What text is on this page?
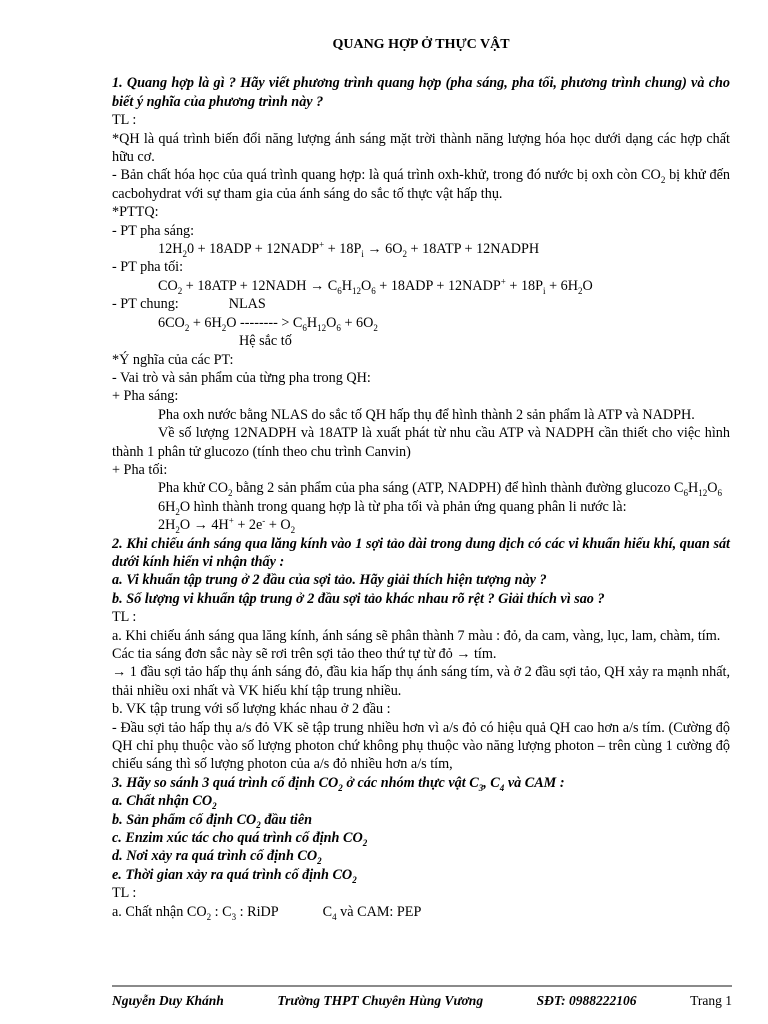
QUANG HỢP Ở THỰC VẬT
1. Quang hợp là gì ? Hãy viết phương trình quang hợp (pha sáng, pha tối, phương trình chung) và cho biết ý nghĩa của phương trình này ?
TL :
*QH là quá trình biến đổi năng lượng ánh sáng mặt trời thành năng lượng hóa học dưới dạng các hợp chất hữu cơ.
- Bản chất hóa học của quá trình quang hợp: là quá trình oxh-khử, trong đó nước bị oxh còn $CO_2$ bị khử đến cacbohydrat với sự tham gia của ánh sáng do sắc tố thực vật hấp thụ.
*PTTQ:
- PT pha sáng:
$12H_20 + 18ADP$ + 12NADP+ + $18P_i \to 6O_2 + 18ATP$ + 12NADPH
- PT pha tối:
$CO_2 + 18ATP$ + 12NADH → $C_6H_{12}O_6 + 18ADP$ + 12NADP+ + $18P_i + 6H_2O$
- PT chung:	NLAS
$6CO_2 + 6H_2O$ -------- > $C_6H_{12}O_6 + 6O_2$
Hệ sắc tố
*Ý nghĩa của các PT:
- Vai trò và sản phẩm của từng pha trong QH:
+ Pha sáng:
Pha oxh nước bằng NLAS do sắc tố QH hấp thụ để hình thành 2 sản phẩm là ATP và NADPH.
Về số lượng 12NADPH và 18ATP là xuất phát từ nhu cầu ATP và NADPH cần thiết cho việc hình thành 1 phân tử glucozo (tính theo chu trình Canvin)
+ Pha tối:
Pha khử $CO_2$ bằng 2 sản phẩm của pha sáng (ATP, NADPH) để hình thành đường glucozo $C_6H_{12}O_6$
$6H_2O$ hình thành trong quang hợp là từ pha tối và phản ứng quang phân li nước là:
$2H_2O \to 4H^+ + 2e^- + O_2$
2. Khi chiếu ánh sáng qua lăng kính vào 1 sợi tảo dài trong dung dịch có các vi khuẩn hiếu khí, quan sát dưới kính hiển vi nhận thấy :
a. Vi khuẩn tập trung ở 2 đầu của sợi tảo. Hãy giải thích hiện tượng này ?
b. Số lượng vi khuẩn tập trung ở 2 đầu sợi tảo khác nhau rõ rệt ? Giải thích vì sao ?
TL :
a. Khi chiếu ánh sáng qua lăng kính, ánh sáng sẽ phân thành 7 màu : đỏ, da cam, vàng, lục, lam, chàm, tím.
Các tia sáng đơn sắc này sẽ rơi trên sợi tảo theo thứ tự từ đỏ → tím.
→ 1 đầu sợi tảo hấp thụ ánh sáng đỏ, đầu kia hấp thụ ánh sáng tím, và ở 2 đầu sợi tảo, QH xảy ra mạnh nhất, thải nhiều oxi nhất và VK hiếu khí tập trung nhiều.
b. VK tập trung với số lượng khác nhau ở 2 đầu :
- Đầu sợi tảo hấp thụ a/s đỏ VK sẽ tập trung nhiều hơn vì a/s đỏ có hiệu quả QH cao hơn a/s tím. (Cường độ QH chỉ phụ thuộc vào số lượng photon chứ không phụ thuộc vào năng lượng photon – trên cùng 1 cường độ chiếu sáng thì số lượng photon của a/s đỏ nhiều hơn a/s tím,
3. Hãy so sánh 3 quá trình cố định $CO_2$ ở các nhóm thực vật $C_3$, $C_4$ và CAM :
a. Chất nhận $CO_2$
b. Sản phẩm cố định $CO_2$ đầu tiên
c. Enzim xúc tác cho quá trình cố định $CO_2$
d. Nơi xảy ra quá trình cố định $CO_2$
e. Thời gian xảy ra quá trình cố định $CO_2$
TL :
a. Chất nhận $CO_2$ : $C_3$ : RiDP	$C_4$ và CAM: PEP
Nguyễn Duy Khánh	Trường THPT Chuyên Hùng Vương	SĐT: 0988222106	Trang 1
